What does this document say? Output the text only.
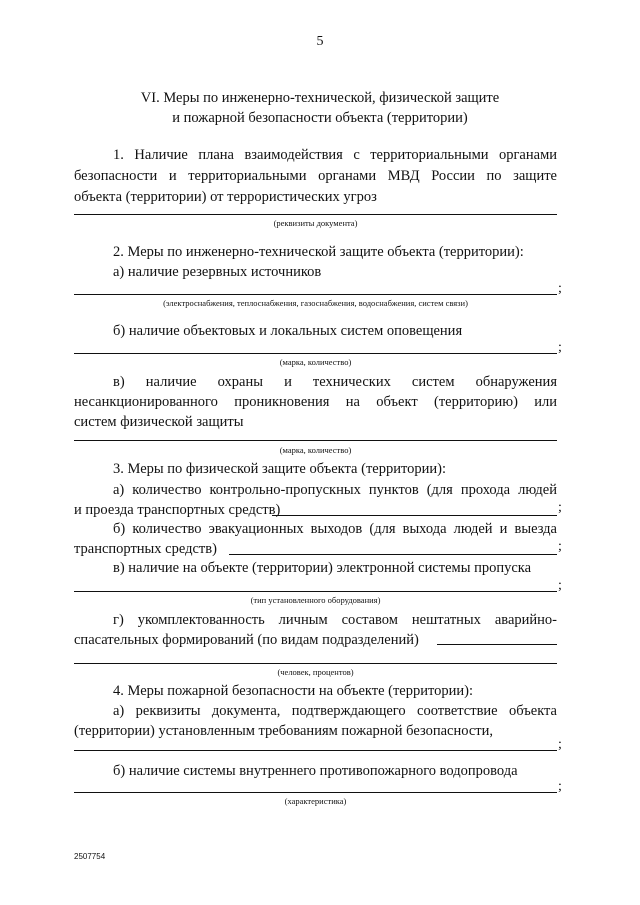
5
VI. Меры по инженерно-технической, физической защите
и пожарной безопасности объекта (территории)
1. Наличие плана взаимодействия с территориальными органами
безопасности и территориальными органами МВД России по защите
объекта (территории) от террористических угроз
(реквизиты документа)
2. Меры по инженерно-технической защите объекта (территории):
а) наличие резервных источников
;
(электроснабжения, теплоснабжения, газоснабжения, водоснабжения, систем связи)
б) наличие объектовых и локальных систем оповещения
;
(марка, количество)
в) наличие охраны и технических систем обнаружения
несанкционированного проникновения на объект (территорию) или
систем физической защиты
(марка, количество)
3. Меры по физической защите объекта (территории):
а) количество контрольно-пропускных пунктов (для прохода людей
и проезда транспортных средств)	;
б) количество эвакуационных выходов (для выхода людей и выезда
транспортных средств)	;
в) наличие на объекте (территории) электронной системы пропуска
;
(тип установленного оборудования)
г) укомплектованность личным составом нештатных аварийно-
спасательных формирований (по видам подразделений)
(человек, процентов)
4. Меры пожарной безопасности на объекте (территории):
а) реквизиты документа, подтверждающего соответствие объекта
(территории) установленным требованиям пожарной безопасности,
;
б) наличие системы внутреннего противопожарного водопровода
;
(характеристика)
2507754
